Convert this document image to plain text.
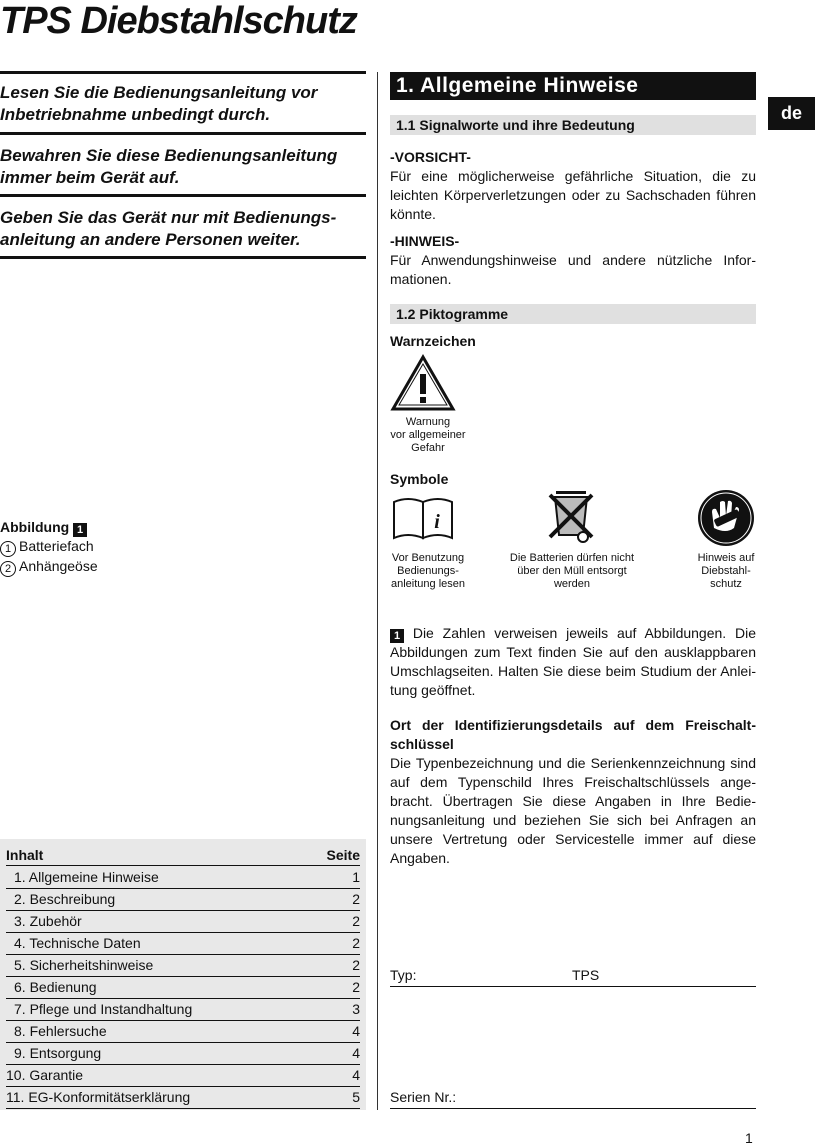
TPS Diebstahlschutz
Lesen Sie die Bedienungsanleitung vor Inbetriebnahme unbedingt durch.
Bewahren Sie diese Bedienungsanleitung immer beim Gerät auf.
Geben Sie das Gerät nur mit Bedienungs-anleitung an andere Personen weiter.
Abbildung 1
1 Batteriefach
2 Anhängeöse
Inhalt	Seite
1. Allgemeine Hinweise	1
2. Beschreibung	2
3. Zubehör	2
4. Technische Daten	2
5. Sicherheitshinweise	2
6. Bedienung	2
7. Pflege und Instandhaltung	3
8. Fehlersuche	4
9. Entsorgung	4
10. Garantie	4
11. EG-Konformitätserklärung	5
1. Allgemeine Hinweise
1.1 Signalworte und ihre Bedeutung
-VORSICHT-
Für eine möglicherweise gefährliche Situation, die zu leichten Körperverletzungen oder zu Sachschaden führen könnte.
-HINWEIS-
Für Anwendungshinweise und andere nützliche Infor-mationen.
1.2 Piktogramme
Warnzeichen
Warnung
vor allgemeiner
Gefahr
Symbole
i
Vor Benutzung
Bedienungs-
anleitung lesen
Die Batterien dürfen nicht
über den Müll entsorgt
werden
Hinweis auf
Diebstahl-
schutz
1 Die Zahlen verweisen jeweils auf Abbildungen. Die Abbildungen zum Text finden Sie auf den ausklappbaren Umschlagseiten. Halten Sie diese beim Studium der Anlei-tung geöffnet.
Ort der Identifizierungsdetails auf dem Freischalt-schlüssel
Die Typenbezeichnung und die Serienkennzeichnung sind auf dem Typenschild Ihres Freischaltschlüssels ange-bracht. Übertragen Sie diese Angaben in Ihre Bedie-nungsanleitung und beziehen Sie sich bei Anfragen an unsere Vertretung oder Servicestelle immer auf diese Angaben.
Typ:	TPS
Serien Nr.:
de
1
